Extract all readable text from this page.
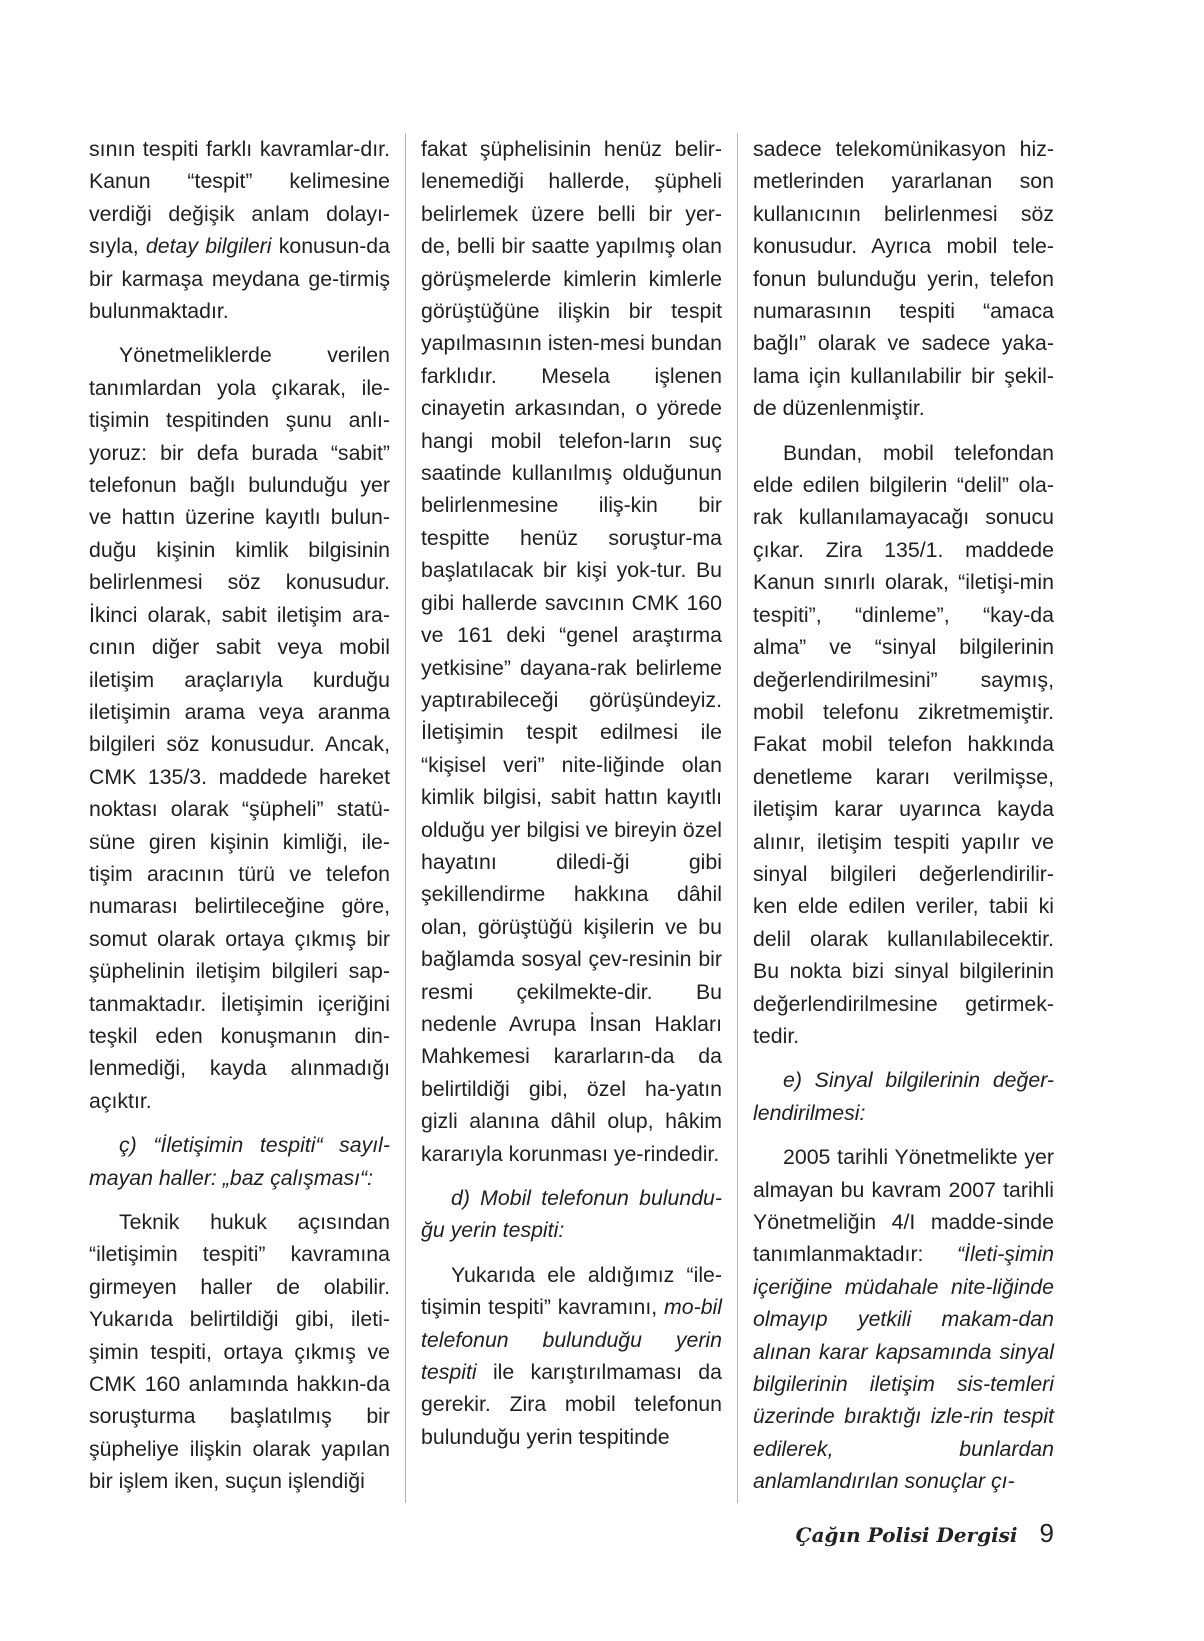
sının tespiti farklı kavramlar-dır. Kanun “tespit” kelimesine verdiği değişik anlam dolayı-sıyla, detay bilgileri konusun-da bir karmaşa meydana ge-tirmiş bulunmaktadır.

Yönetmeliklerde verilen tanımlardan yola çıkarak, ile-tişimin tespitinden şunu anlı-yoruz: bir defa burada “sabit” telefonun bağlı bulunduğu yer ve hattın üzerine kayıtlı bulun-duğu kişinin kimlik bilgisinin belirlenmesi söz konusudur. İkinci olarak, sabit iletişim ara-cının diğer sabit veya mobil iletişim araçlarıyla kurduğu iletişimin arama veya aranma bilgileri söz konusudur. Ancak, CMK 135/3. maddede hareket noktası olarak “şüpheli” statü-süne giren kişinin kimliği, ile-tişim aracının türü ve telefon numarası belirtileceğine göre, somut olarak ortaya çıkmış bir şüphelinin iletişim bilgileri sap-tanmaktadır. İletişimin içeriğini teşkil eden konuşmanın din-lenmediği, kayda alınmadığı açıktır.

ç) “İletişimin tespiti“ sayıl-mayan haller: „baz çalışması“:

Teknik hukuk açısından “iletişimin tespiti” kavramına girmeyen haller de olabilir. Yukarıda belirtildiği gibi, ileti-şimin tespiti, ortaya çıkmış ve CMK 160 anlamında hakkın-da soruşturma başlatılmış bir şüpheliye ilişkin olarak yapılan bir işlem iken, suçun işlendiği

fakat şüphelisinin henüz belir-lenemediği hallerde, şüpheli belirlemek üzere belli bir yer-de, belli bir saatte yapılmış olan görüşmelerde kimlerin kimlerle görüştüğüne ilişkin bir tespit yapılmasının isten-mesi bundan farklıdır. Mesela işlenen cinayetin arkasından, o yörede hangi mobil telefon-ların suç saatinde kullanılmış olduğunun belirlenmesine iliş-kin bir tespitte henüz soruştur-ma başlatılacak bir kişi yok-tur. Bu gibi hallerde savcının CMK 160 ve 161 deki “genel araştırma yetkisine” dayana-rak belirleme yaptırabileceği görüşündeyiz. İletişimin tespit edilmesi ile “kişisel veri” nite-liğinde olan kimlik bilgisi, sabit hattın kayıtlı olduğu yer bilgisi ve bireyin özel hayatını diledi-ği gibi şekillendirme hakkına dâhil olan, görüştüğü kişilerin ve bu bağlamda sosyal çev-resinin bir resmi çekilmekte-dir. Bu nedenle Avrupa İnsan Hakları Mahkemesi kararların-da da belirtildiği gibi, özel ha-yatın gizli alanına dâhil olup, hâkim kararıyla korunması ye-rindedir.

d) Mobil telefonun bulundu-ğu yerin tespiti:

Yukarıda ele aldığımız “ile-tişimin tespiti” kavramını, mo-bil telefonun bulunduğu yerin tespiti ile karıştırılmaması da gerekir. Zira mobil telefonun bulunduğu yerin tespitinde

sadece telekomünikasyon hiz-metlerinden yararlanan son kullanıcının belirlenmesi söz konusudur. Ayrıca mobil tele-fonun bulunduğu yerin, telefon numarasının tespiti “amaca bağlı” olarak ve sadece yaka-lama için kullanılabilir bir şekil-de düzenlenmiştir.

Bundan, mobil telefondan elde edilen bilgilerin “delil” ola-rak kullanılamayacağı sonucu çıkar. Zira 135/1. maddede Kanun sınırlı olarak, “iletişi-min tespiti”, “dinleme”, “kay-da alma” ve “sinyal bilgilerinin değerlendirilmesini” saymış, mobil telefonu zikretmemiştir. Fakat mobil telefon hakkında denetleme kararı verilmişse, iletişim karar uyarınca kayda alınır, iletişim tespiti yapılır ve sinyal bilgileri değerlendirilir-ken elde edilen veriler, tabii ki delil olarak kullanılabilecektir. Bu nokta bizi sinyal bilgilerinin değerlendirilmesine getirmek-tedir.

e) Sinyal bilgilerinin değer-lendirilmesi:

2005 tarihli Yönetmelikte yer almayan bu kavram 2007 tarihli Yönetmeliğin 4/I madde-sinde tanımlanmaktadır: “İleti-şimin içeriğine müdahale nite-liğinde olmayıp yetkili makam-dan alınan karar kapsamında sinyal bilgilerinin iletişim sis-temleri üzerinde bıraktığı izle-rin tespit edilerek, bunlardan anlamlandırılan sonuçlar çı-

Çağın Polisi Dergisi 9
